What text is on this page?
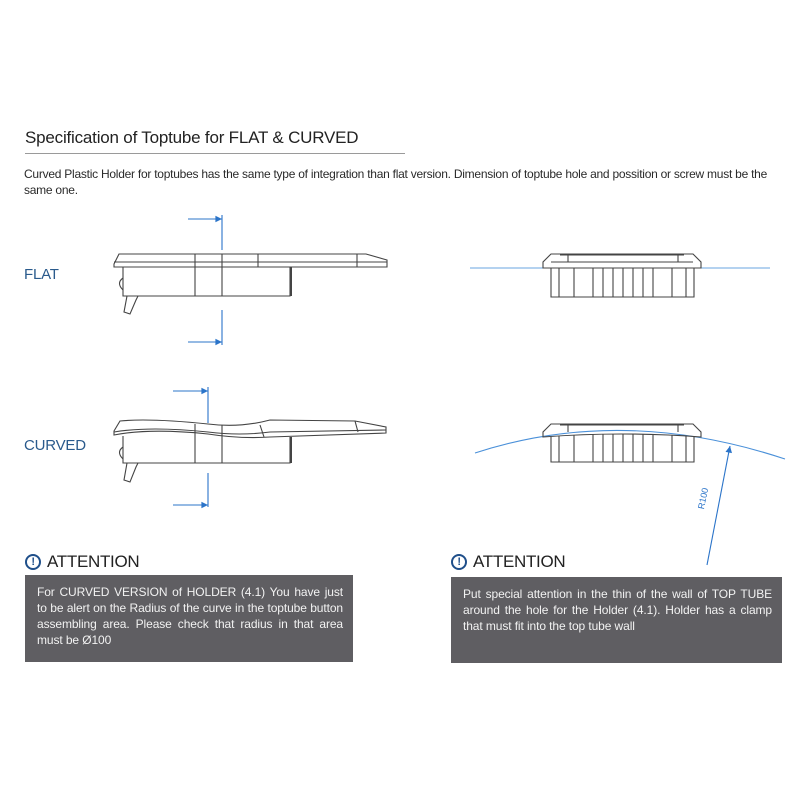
Specification of Toptube for FLAT & CURVED
Curved Plastic Holder for toptubes has the same type of integration than flat version. Dimension of toptube hole and possition or screw must be the same one.
FLAT
CURVED
R100
! ATTENTION
For CURVED VERSION of HOLDER (4.1) You have just to be alert on the Radius of the curve in the toptube button assembling area. Please check that radius in that area must be Ø100
! ATTENTION
Put special attention in the thin of the wall of TOP TUBE around the hole for the Holder (4.1). Holder has a clamp that must fit into the top tube wall
